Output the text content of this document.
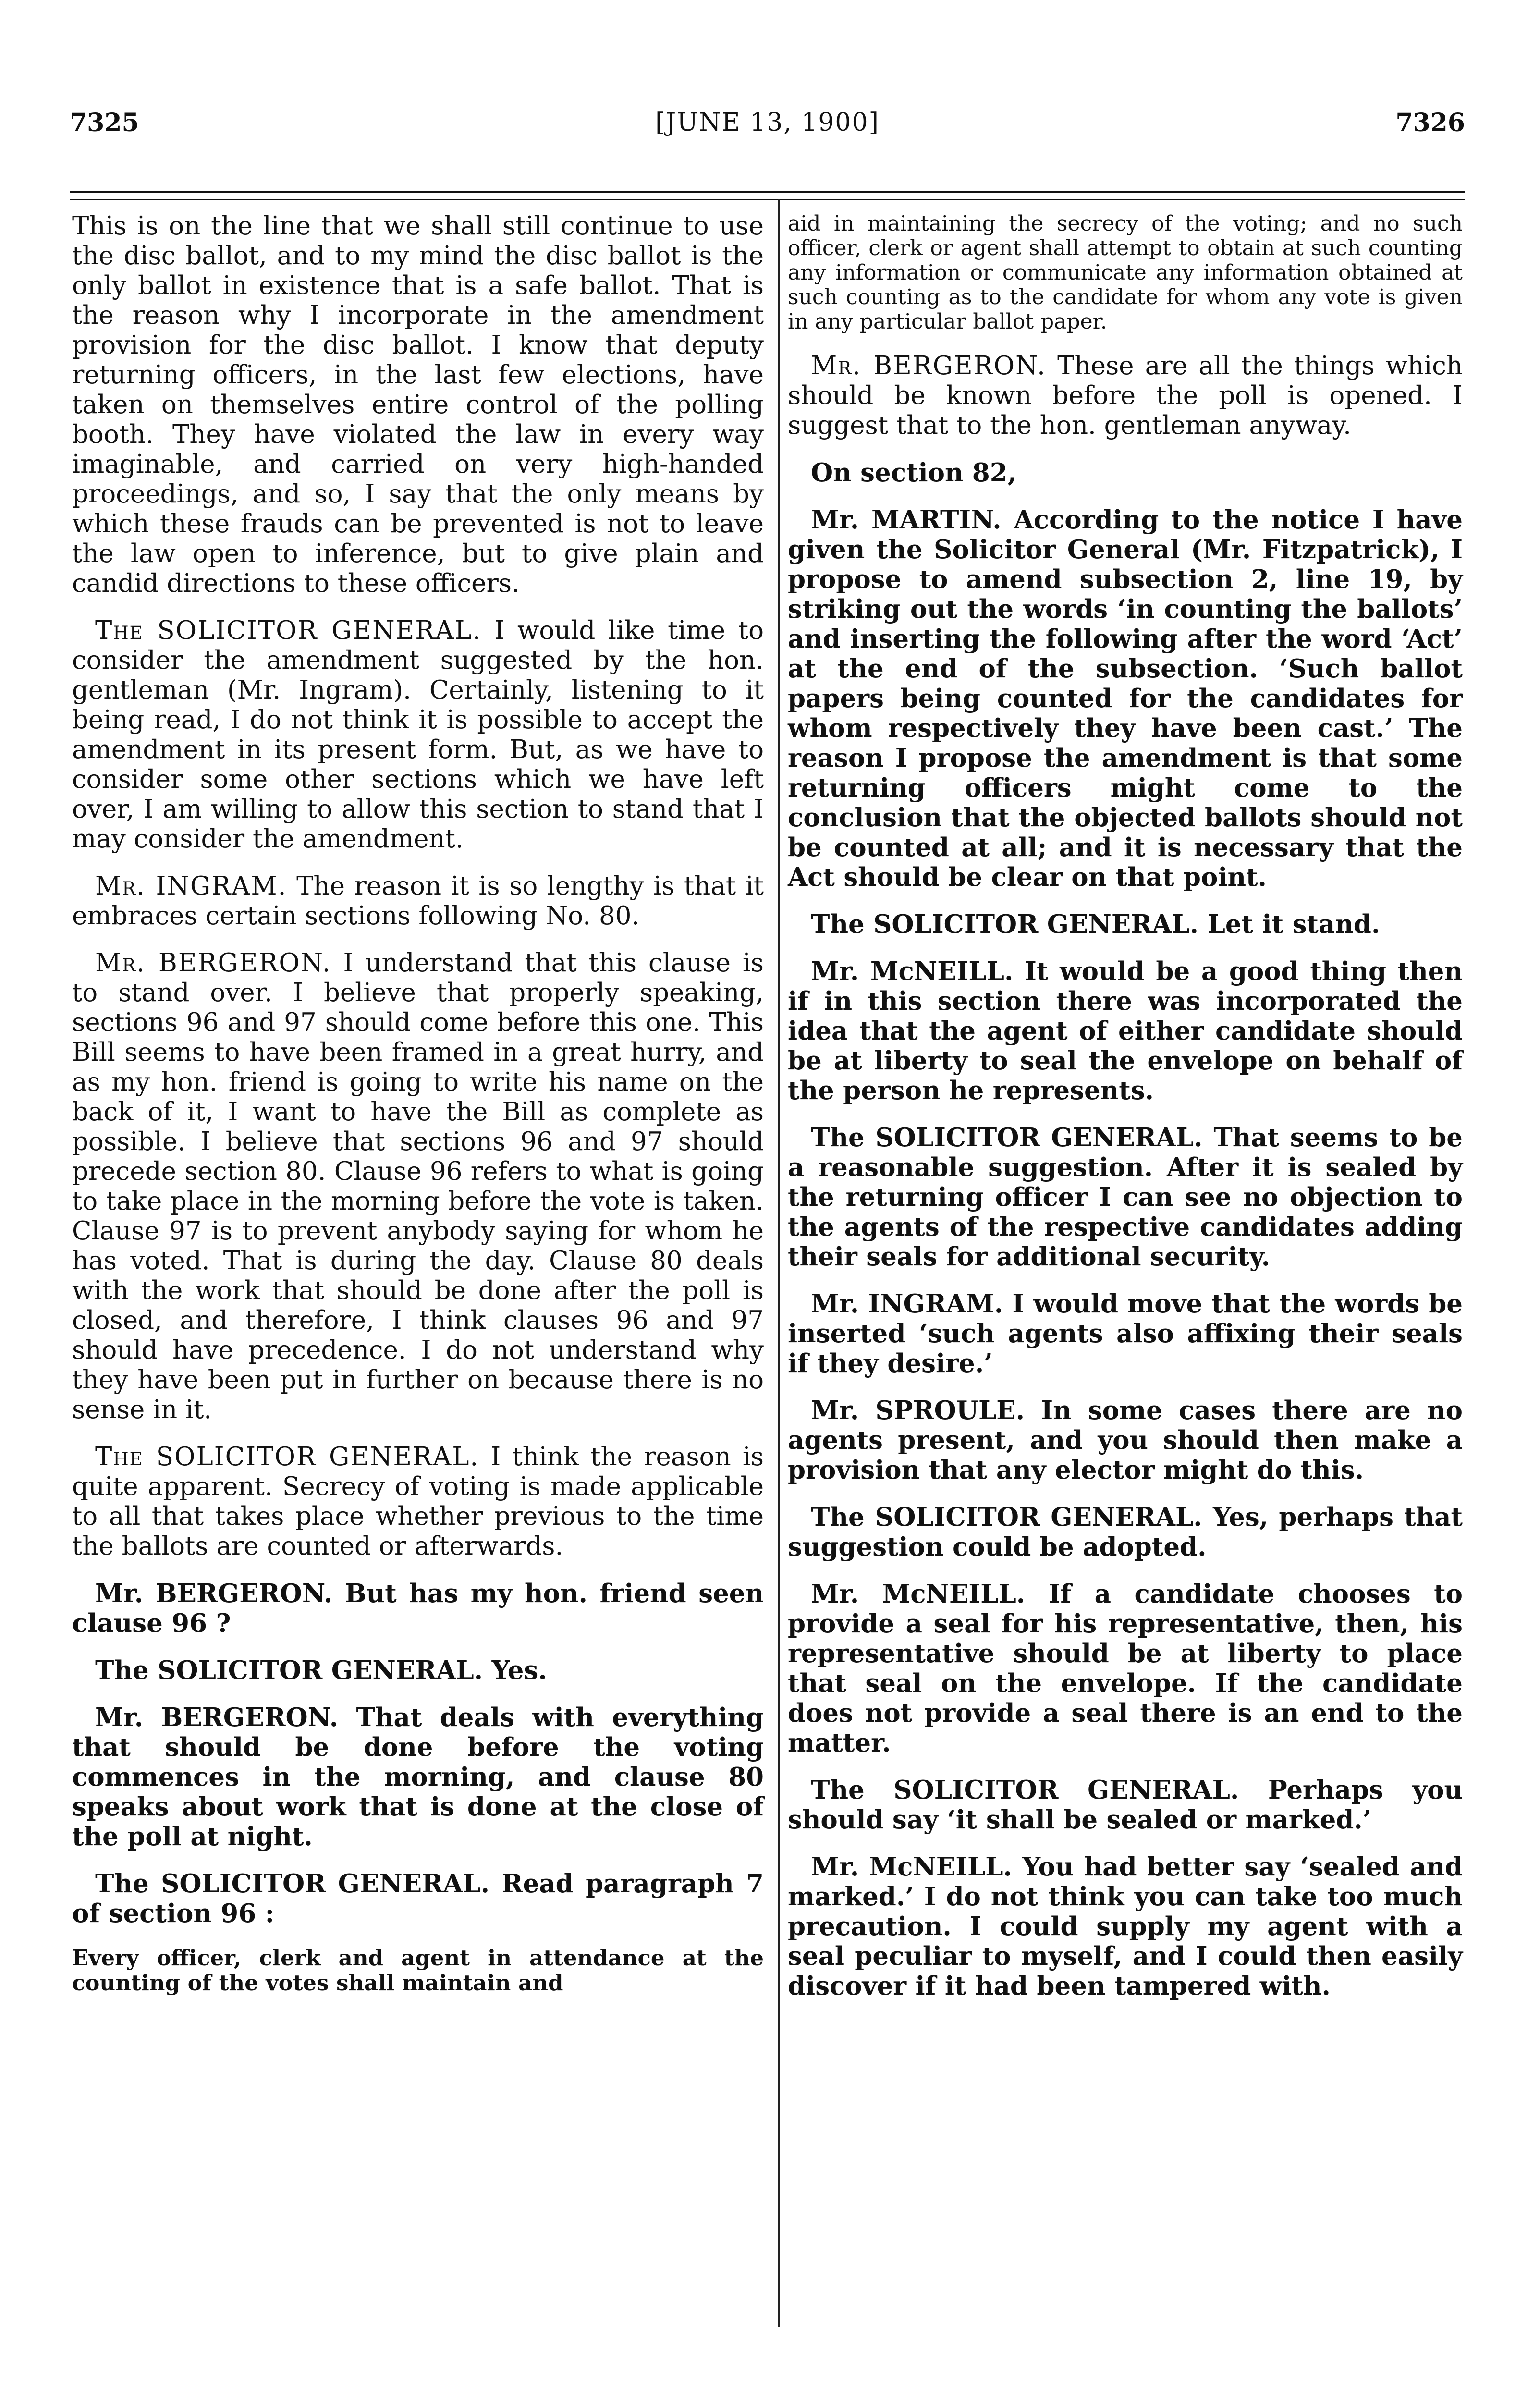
7325	[JUNE 13, 1900]	7326

This is on the line that we shall still continue to use the disc ballot, and to my mind the disc ballot is the only ballot in existence that is a safe ballot. That is the reason why I incorporate in the amendment provision for the disc ballot. I know that deputy returning officers, in the last few elections, have taken on themselves entire control of the polling booth. They have violated the law in every way imaginable, and carried on very high-handed proceedings, and so, I say that the only means by which these frauds can be prevented is not to leave the law open to inference, but to give plain and candid directions to these officers.

The SOLICITOR GENERAL. I would like time to consider the amendment suggested by the hon. gentleman (Mr. Ingram). Certainly, listening to it being read, I do not think it is possible to accept the amendment in its present form. But, as we have to consider some other sections which we have left over, I am willing to allow this section to stand that I may consider the amendment.

Mr. INGRAM. The reason it is so lengthy is that it embraces certain sections following No. 80.

Mr. BERGERON. I understand that this clause is to stand over. I believe that properly speaking, sections 96 and 97 should come before this one. This Bill seems to have been framed in a great hurry, and as my hon. friend is going to write his name on the back of it, I want to have the Bill as complete as possible. I believe that sections 96 and 97 should precede section 80. Clause 96 refers to what is going to take place in the morning before the vote is taken. Clause 97 is to prevent anybody saying for whom he has voted. That is during the day. Clause 80 deals with the work that should be done after the poll is closed, and therefore, I think clauses 96 and 97 should have precedence. I do not understand why they have been put in further on because there is no sense in it.

The SOLICITOR GENERAL. I think the reason is quite apparent. Secrecy of voting is made applicable to all that takes place whether previous to the time the ballots are counted or afterwards.

Mr. BERGERON. But has my hon. friend seen clause 96 ?

The SOLICITOR GENERAL. Yes.

Mr. BERGERON. That deals with everything that should be done before the voting commences in the morning, and clause 80 speaks about work that is done at the close of the poll at night.

The SOLICITOR GENERAL. Read paragraph 7 of section 96 :

Every officer, clerk and agent in attendance at the counting of the votes shall maintain and

aid in maintaining the secrecy of the voting; and no such officer, clerk or agent shall attempt to obtain at such counting any information or communicate any information obtained at such counting as to the candidate for whom any vote is given in any particular ballot paper.

Mr. BERGERON. These are all the things which should be known before the poll is opened. I suggest that to the hon. gentleman anyway.

On section 82,

Mr. MARTIN. According to the notice I have given the Solicitor General (Mr. Fitzpatrick), I propose to amend subsection 2, line 19, by striking out the words ‘in counting the ballots’ and inserting the following after the word ‘Act’ at the end of the subsection. ‘Such ballot papers being counted for the candidates for whom respectively they have been cast.’ The reason I propose the amendment is that some returning officers might come to the conclusion that the objected ballots should not be counted at all; and it is necessary that the Act should be clear on that point.

The SOLICITOR GENERAL. Let it stand.

Mr. McNEILL. It would be a good thing then if in this section there was incorporated the idea that the agent of either candidate should be at liberty to seal the envelope on behalf of the person he represents.

The SOLICITOR GENERAL. That seems to be a reasonable suggestion. After it is sealed by the returning officer I can see no objection to the agents of the respective candidates adding their seals for additional security.

Mr. INGRAM. I would move that the words be inserted ‘such agents also affixing their seals if they desire.’

Mr. SPROULE. In some cases there are no agents present, and you should then make a provision that any elector might do this.

The SOLICITOR GENERAL. Yes, perhaps that suggestion could be adopted.

Mr. McNEILL. If a candidate chooses to provide a seal for his representative, then, his representative should be at liberty to place that seal on the envelope. If the candidate does not provide a seal there is an end to the matter.

The SOLICITOR GENERAL. Perhaps you should say ‘it shall be sealed or marked.’

Mr. McNEILL. You had better say ‘sealed and marked.’ I do not think you can take too much precaution. I could supply my agent with a seal peculiar to myself, and I could then easily discover if it had been tampered with.
